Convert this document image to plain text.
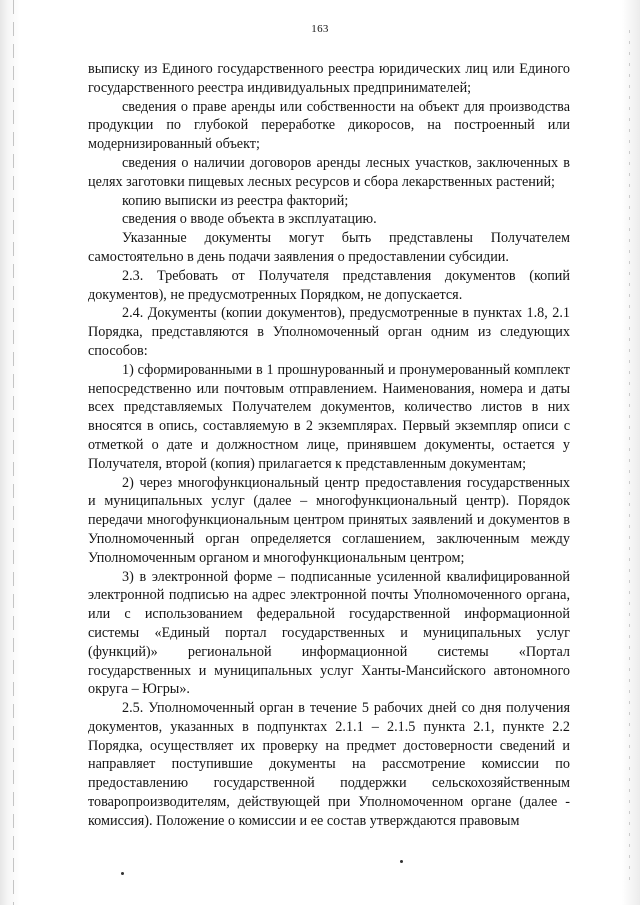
163

выписку из Единого государственного реестра юридических лиц или Единого государственного реестра индивидуальных предпринимателей;

сведения о праве аренды или собственности на объект для производства продукции по глубокой переработке дикоросов, на построенный или модернизированный объект;

сведения о наличии договоров аренды лесных участков, заключенных в целях заготовки пищевых лесных ресурсов и сбора лекарственных растений;

копию выписки из реестра факторий;

сведения о вводе объекта в эксплуатацию.

Указанные документы могут быть представлены Получателем самостоятельно в день подачи заявления о предоставлении субсидии.

2.3. Требовать от Получателя представления документов (копий документов), не предусмотренных Порядком, не допускается.

2.4. Документы (копии документов), предусмотренные в пунктах 1.8, 2.1 Порядка, представляются в Уполномоченный орган одним из следующих способов:

1) сформированными в 1 прошнурованный и пронумерованный комплект непосредственно или почтовым отправлением. Наименования, номера и даты всех представляемых Получателем документов, количество листов в них вносятся в опись, составляемую в 2 экземплярах. Первый экземпляр описи с отметкой о дате и должностном лице, принявшем документы, остается у Получателя, второй (копия) прилагается к представленным документам;

2) через многофункциональный центр предоставления государственных и муниципальных услуг (далее – многофункциональный центр). Порядок передачи многофункциональным центром принятых заявлений и документов в Уполномоченный орган определяется соглашением, заключенным между Уполномоченным органом и многофункциональным центром;

3) в электронной форме – подписанные усиленной квалифицированной электронной подписью на адрес электронной почты Уполномоченного органа, или с использованием федеральной государственной информационной системы «Единый портал государственных и муниципальных услуг (функций)» региональной информационной системы «Портал государственных и муниципальных услуг Ханты-Мансийского автономного округа – Югры».

2.5. Уполномоченный орган в течение 5 рабочих дней со дня получения документов, указанных в подпунктах 2.1.1 – 2.1.5 пункта 2.1, пункте 2.2 Порядка, осуществляет их проверку на предмет достоверности сведений и направляет поступившие документы на рассмотрение комиссии по предоставлению государственной поддержки сельскохозяйственным товаропроизводителям, действующей при Уполномоченном органе (далее - комиссия). Положение о комиссии и ее состав утверждаются правовым
